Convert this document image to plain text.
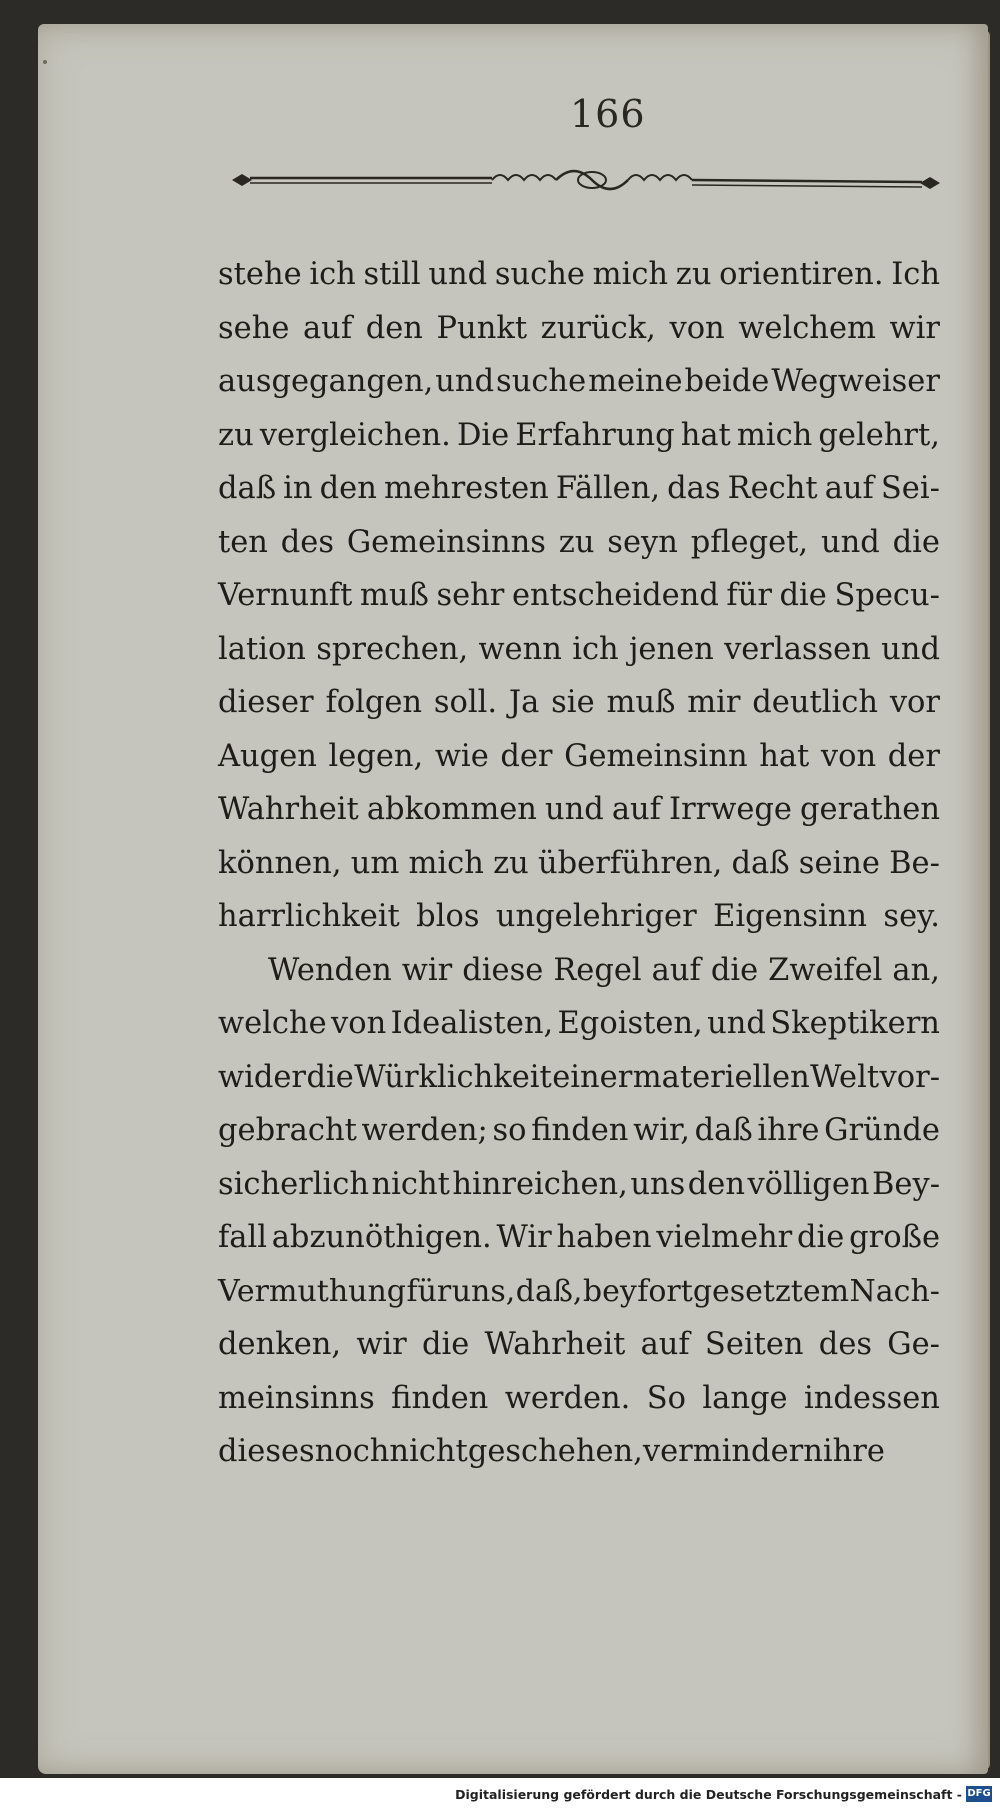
166
stehe ich still und suche mich zu orientiren. Ich
sehe auf den Punkt zurück, von welchem wir
ausgegangen, und suche meine beide Wegweiser
zu vergleichen. Die Erfahrung hat mich gelehrt,
daß in den mehresten Fällen, das Recht auf Sei-
ten des Gemeinsinns zu seyn pfleget, und die
Vernunft muß sehr entscheidend für die Specu-
lation sprechen, wenn ich jenen verlassen und
dieser folgen soll. Ja sie muß mir deutlich vor
Augen legen, wie der Gemeinsinn hat von der
Wahrheit abkommen und auf Irrwege gerathen
können, um mich zu überführen, daß seine Be-
harrlichkeit blos ungelehriger Eigensinn sey.
Wenden wir diese Regel auf die Zweifel an,
welche von Idealisten, Egoisten, und Skeptikern
wider die Würklichkeit einer materiellen Welt vor-
gebracht werden; so finden wir, daß ihre Gründe
sicherlich nicht hinreichen, uns den völligen Bey-
fall abzunöthigen. Wir haben vielmehr die große
Vermuthung für uns, daß, bey fortgesetztem Nach-
denken, wir die Wahrheit auf Seiten des Ge-
meinsinns finden werden. So lange indessen
dieses noch nicht geschehen, vermindern ihre
Digitalisierung gefördert durch die Deutsche Forschungsgemeinschaft - DFG
